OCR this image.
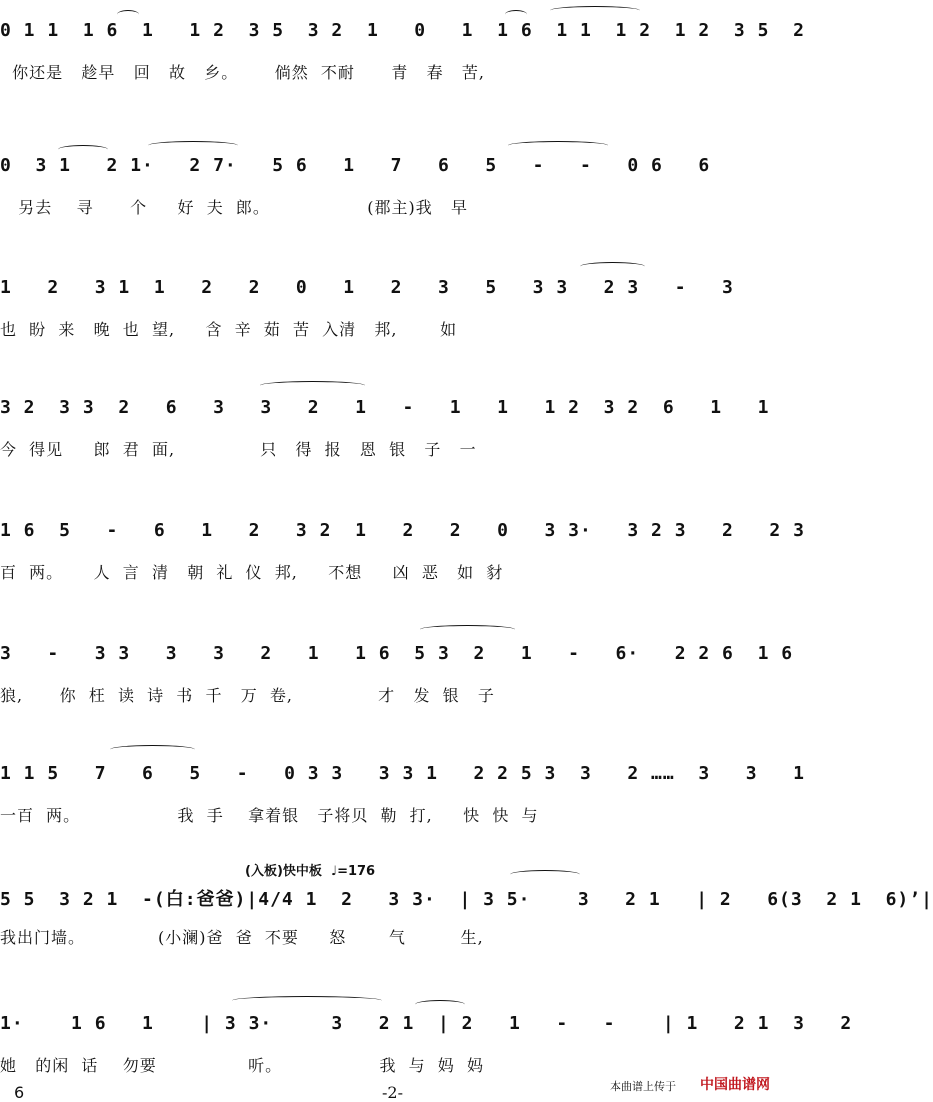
0 1 1  1 6  1   1 2  3 5  3 2  1   0   1  1 6  1 1  1 2  1 2  3 5  2
你还是   趁早   回   故   乡。      倘然  不耐      青   春   苦,
0  3 1   2 1·   2 7·   5 6   1   7   6   5   -   -   0 6   6
另去    寻      个     好  夫  郎。                (郡主)我   早
1   2   3 1  1   2   2   0   1   2   3   5   3 3   2 3   -   3
也  盼  来   晚  也  望,     含  辛  茹  苦  入清   邦,       如
3 2  3 3  2   6   3   3   2   1   -   1   1   1 2  3 2  6   1   1
今  得见     郎  君  面,              只   得  报   恩  银   子   一
1 6  5   -   6   1   2   3 2  1   2   2   0   3 3·   3 2 3   2   2 3
百  两。     人  言  清   朝  礼  仪  邦,     不想     凶  恶   如  豺
3   -   3 3   3   3   2   1   1 6  5 3  2   1   -   6·   2 2 6  1 6
狼,      你  枉  读  诗  书  千   万  卷,              才   发  银   子
1 1 5   7   6   5   -   0 3 3   3 3 1   2 2 5 3  3   2 ……  3   3   1
一百  两。                我  手    拿着银   子将贝  勒  打,     快  快  与
(入板)快中板  ♩=176
5 5  3 2 1  -(白:爸爸)|4/4 1  2   3 3·  | 3 5·    3   2 1   | 2   6(3  2 1  6)’|
我出门墙。            (小澜)爸  爸  不要     怒       气         生,
1·    1 6   1    | 3 3·     3   2 1  | 2   1   -   -    | 1   2 1  3   2
她   的闲  话    勿要               听。                我  与  妈  妈
6	-2-	本曲谱上传于 中国曲谱网
